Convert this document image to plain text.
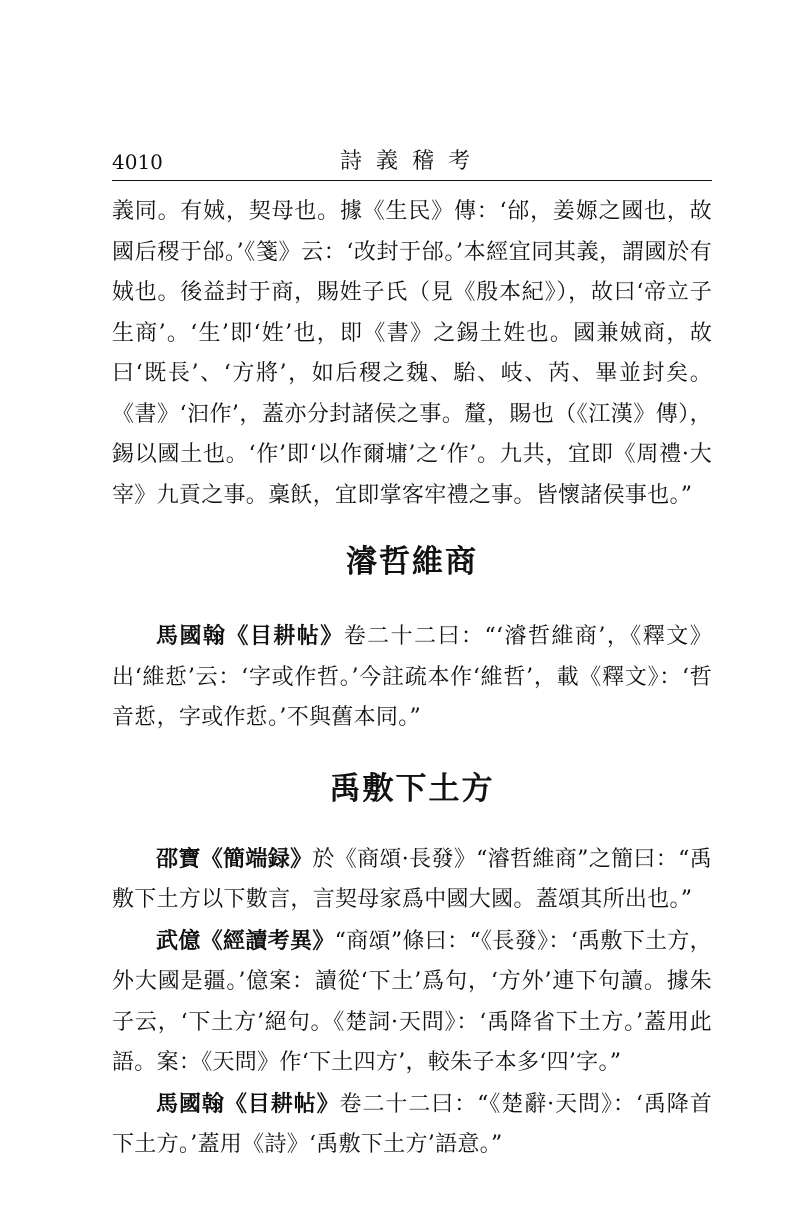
4010	詩義稽考

義同。有娀，契母也。據《生民》傳：‘邰，姜嫄之國也，故國后稷于邰。’《箋》云：‘改封于邰。’本經宜同其義，謂國於有娀也。後益封于商，賜姓子氏（見《殷本紀》），故曰‘帝立子生商’。‘生’即‘姓’也，即《書》之錫土姓也。國兼娀商，故曰‘既長’、‘方將’，如后稷之魏、駘、岐、芮、畢並封矣。《書》‘汩作’，蓋亦分封諸侯之事。釐，賜也（《江漢》傳），錫以國土也。‘作’即‘以作爾墉’之‘作’。九共，宜即《周禮·大宰》九貢之事。稾飫，宜即掌客牢禮之事。皆懷諸侯事也。”

濬哲維商

馬國翰《目耕帖》卷二十二曰：“‘濬哲維商’，《釋文》出‘維悊’云：‘字或作哲。’今註疏本作‘維哲’，載《釋文》：‘哲音悊，字或作悊。’不與舊本同。”

禹敷下土方

邵寶《簡端録》於《商頌·長發》“濬哲維商”之簡曰：“禹敷下土方以下數言，言契母家爲中國大國。蓋頌其所出也。”

武億《經讀考異》“商頌”條曰：“《長發》：‘禹敷下土方，外大國是疆。’億案：讀從‘下土’爲句，‘方外’連下句讀。據朱子云，‘下土方’絕句。《楚詞·天問》：‘禹降省下土方。’蓋用此語。案：《天問》作‘下土四方’，較朱子本多‘四’字。”

馬國翰《目耕帖》卷二十二曰：“《楚辭·天問》：‘禹降首下土方。’蓋用《詩》‘禹敷下土方’語意。”
